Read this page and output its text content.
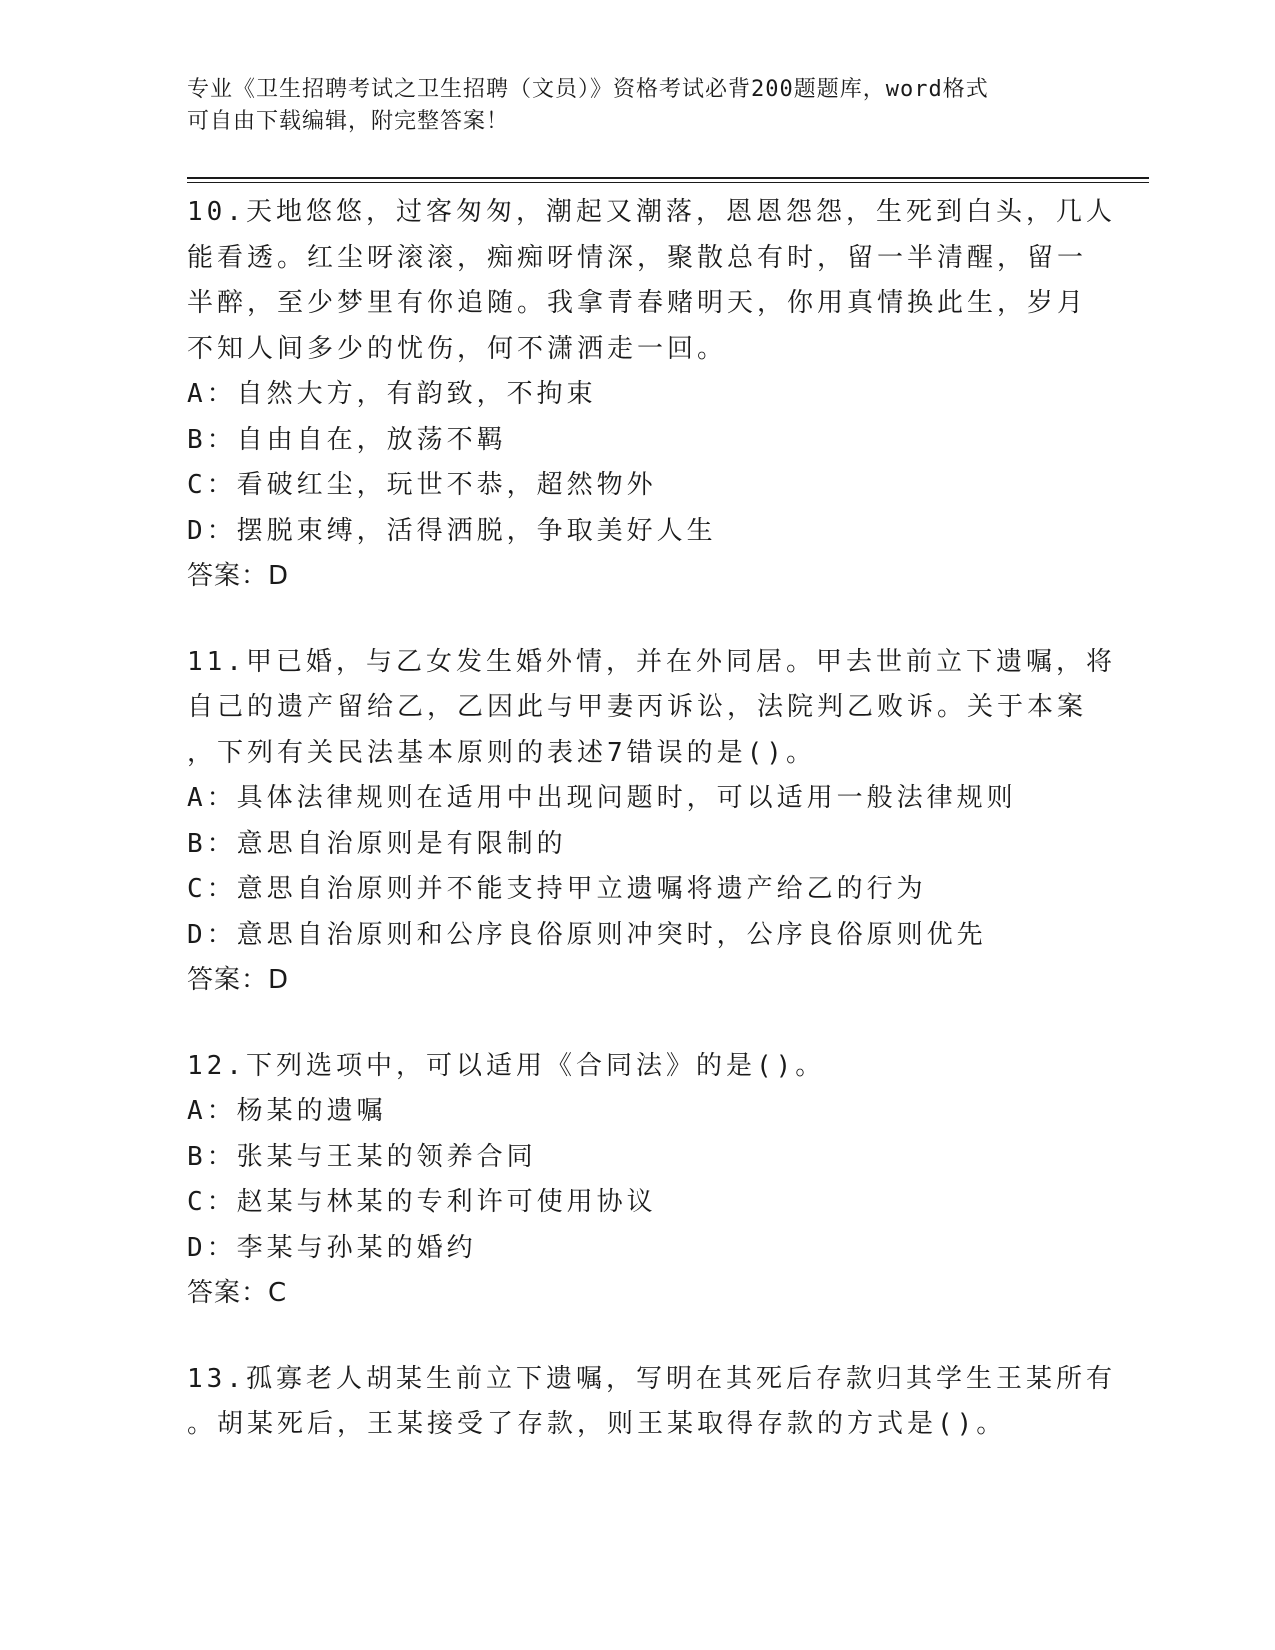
专业《卫生招聘考试之卫生招聘（文员）》资格考试必背200题题库，word格式
可自由下载编辑，附完整答案！
10.天地悠悠，过客匆匆，潮起又潮落，恩恩怨怨，生死到白头，几人
能看透。红尘呀滚滚，痴痴呀情深，聚散总有时，留一半清醒，留一
半醉，至少梦里有你追随。我拿青春赌明天，你用真情换此生，岁月
不知人间多少的忧伤，何不潇洒走一回。
A：自然大方，有韵致，不拘束
B：自由自在，放荡不羁
C：看破红尘，玩世不恭，超然物外
D：摆脱束缚，活得洒脱，争取美好人生
答案：D
11.甲已婚，与乙女发生婚外情，并在外同居。甲去世前立下遗嘱，将
自己的遗产留给乙，乙因此与甲妻丙诉讼，法院判乙败诉。关于本案
，下列有关民法基本原则的表述7错误的是()。
A：具体法律规则在适用中出现问题时，可以适用一般法律规则
B：意思自治原则是有限制的
C：意思自治原则并不能支持甲立遗嘱将遗产给乙的行为
D：意思自治原则和公序良俗原则冲突时，公序良俗原则优先
答案：D
12.下列选项中，可以适用《合同法》的是()。
A：杨某的遗嘱
B：张某与王某的领养合同
C：赵某与林某的专利许可使用协议
D：李某与孙某的婚约
答案：C
13.孤寡老人胡某生前立下遗嘱，写明在其死后存款归其学生王某所有
。胡某死后，王某接受了存款，则王某取得存款的方式是()。
